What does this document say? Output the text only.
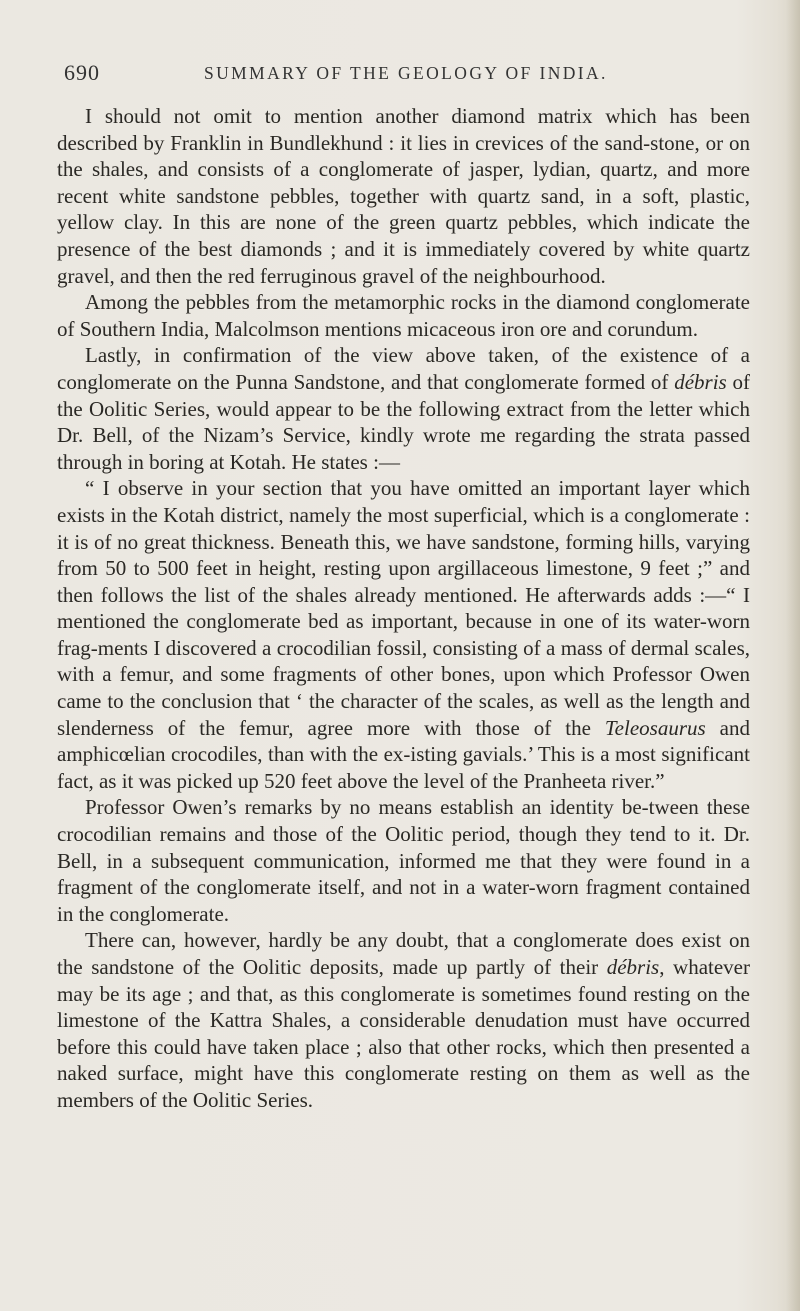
690	SUMMARY OF THE GEOLOGY OF INDIA.

I should not omit to mention another diamond matrix which has been described by Franklin in Bundlekhund : it lies in crevices of the sand-stone, or on the shales, and consists of a conglomerate of jasper, lydian, quartz, and more recent white sandstone pebbles, together with quartz sand, in a soft, plastic, yellow clay. In this are none of the green quartz pebbles, which indicate the presence of the best diamonds ; and it is immediately covered by white quartz gravel, and then the red ferruginous gravel of the neighbourhood.

Among the pebbles from the metamorphic rocks in the diamond conglomerate of Southern India, Malcolmson mentions micaceous iron ore and corundum.

Lastly, in confirmation of the view above taken, of the existence of a conglomerate on the Punna Sandstone, and that conglomerate formed of débris of the Oolitic Series, would appear to be the following extract from the letter which Dr. Bell, of the Nizam’s Service, kindly wrote me regarding the strata passed through in boring at Kotah. He states :—

“ I observe in your section that you have omitted an important layer which exists in the Kotah district, namely the most superficial, which is a conglomerate : it is of no great thickness. Beneath this, we have sandstone, forming hills, varying from 50 to 500 feet in height, resting upon argillaceous limestone, 9 feet ;” and then follows the list of the shales already mentioned. He afterwards adds :—“ I mentioned the conglomerate bed as important, because in one of its water-worn frag-ments I discovered a crocodilian fossil, consisting of a mass of dermal scales, with a femur, and some fragments of other bones, upon which Professor Owen came to the conclusion that ‘ the character of the scales, as well as the length and slenderness of the femur, agree more with those of the Teleosaurus and amphicœlian crocodiles, than with the ex-isting gavials.’ This is a most significant fact, as it was picked up 520 feet above the level of the Pranheeta river.”

Professor Owen’s remarks by no means establish an identity be-tween these crocodilian remains and those of the Oolitic period, though they tend to it. Dr. Bell, in a subsequent communication, informed me that they were found in a fragment of the conglomerate itself, and not in a water-worn fragment contained in the conglomerate.

There can, however, hardly be any doubt, that a conglomerate does exist on the sandstone of the Oolitic deposits, made up partly of their débris, whatever may be its age ; and that, as this conglomerate is sometimes found resting on the limestone of the Kattra Shales, a considerable denudation must have occurred before this could have taken place ; also that other rocks, which then presented a naked surface, might have this conglomerate resting on them as well as the members of the Oolitic Series.
